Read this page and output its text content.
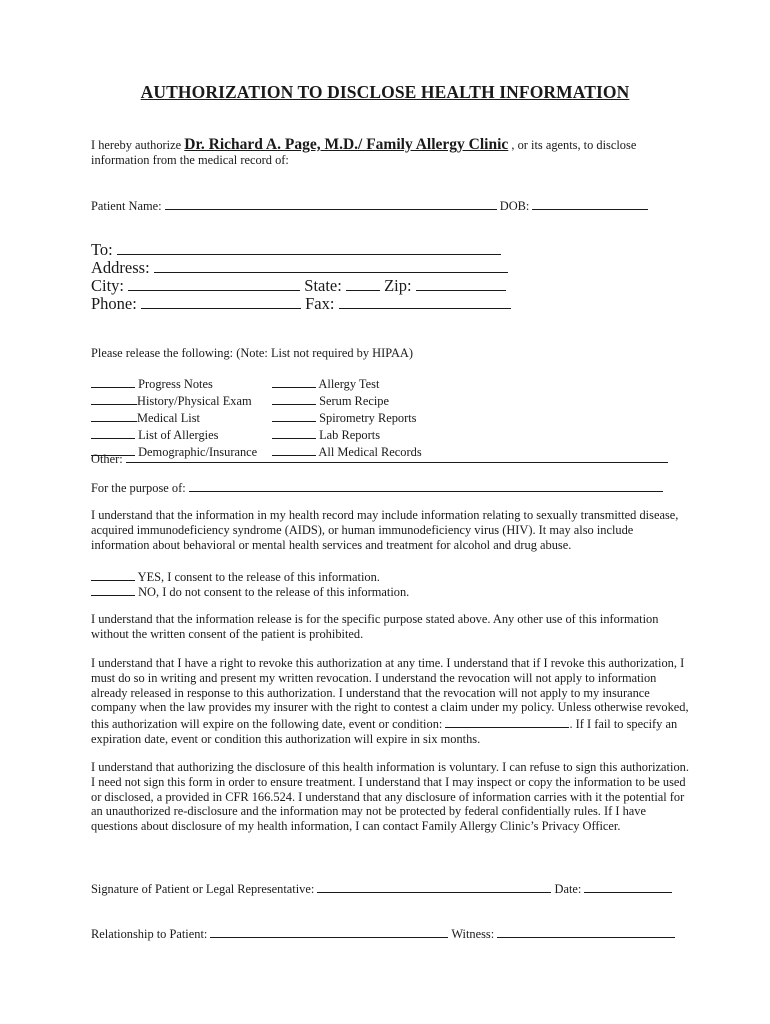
AUTHORIZATION TO DISCLOSE HEALTH INFORMATION
I hereby authorize Dr. Richard A. Page, M.D./ Family Allergy Clinic , or its agents, to disclose
information from the medical record of:
Patient Name:	DOB:
To:
Address:
City:	State:	Zip:
Phone:	Fax:
Please release the following: (Note: List not required by HIPAA)
Progress Notes
History/Physical Exam
Medical List
List of Allergies
Demographic/Insurance
Allergy Test
Serum Recipe
Spirometry Reports
Lab Reports
All Medical Records
Other:
For the purpose of:
I understand that the information in my health record may include information relating to sexually transmitted disease, acquired immunodeficiency syndrome (AIDS), or human immunodeficiency virus (HIV). It may also include information about behavioral or mental health services and treatment for alcohol and drug abuse.
YES, I consent to the release of this information.
NO, I do not consent to the release of this information.
I understand that the information release is for the specific purpose stated above. Any other use of this information without the written consent of the patient is prohibited.
I understand that I have a right to revoke this authorization at any time. I understand that if I revoke this authorization, I must do so in writing and present my written revocation. I understand the revocation will not apply to information already released in response to this authorization. I understand that the revocation will not apply to my insurance company when the law provides my insurer with the right to contest a claim under my policy. Unless otherwise revoked, this authorization will expire on the following date, event or condition:	. If I fail to specify an expiration date, event or condition this authorization will expire in six months.
I understand that authorizing the disclosure of this health information is voluntary. I can refuse to sign this authorization. I need not sign this form in order to ensure treatment. I understand that I may inspect or copy the information to be used or disclosed, a provided in CFR 166.524. I understand that any disclosure of information carries with it the potential for an unauthorized re-disclosure and the information may not be protected by federal confidentially rules. If I have questions about disclosure of my health information, I can contact Family Allergy Clinic’s Privacy Officer.
Signature of Patient or Legal Representative:	Date:
Relationship to Patient:	Witness:
